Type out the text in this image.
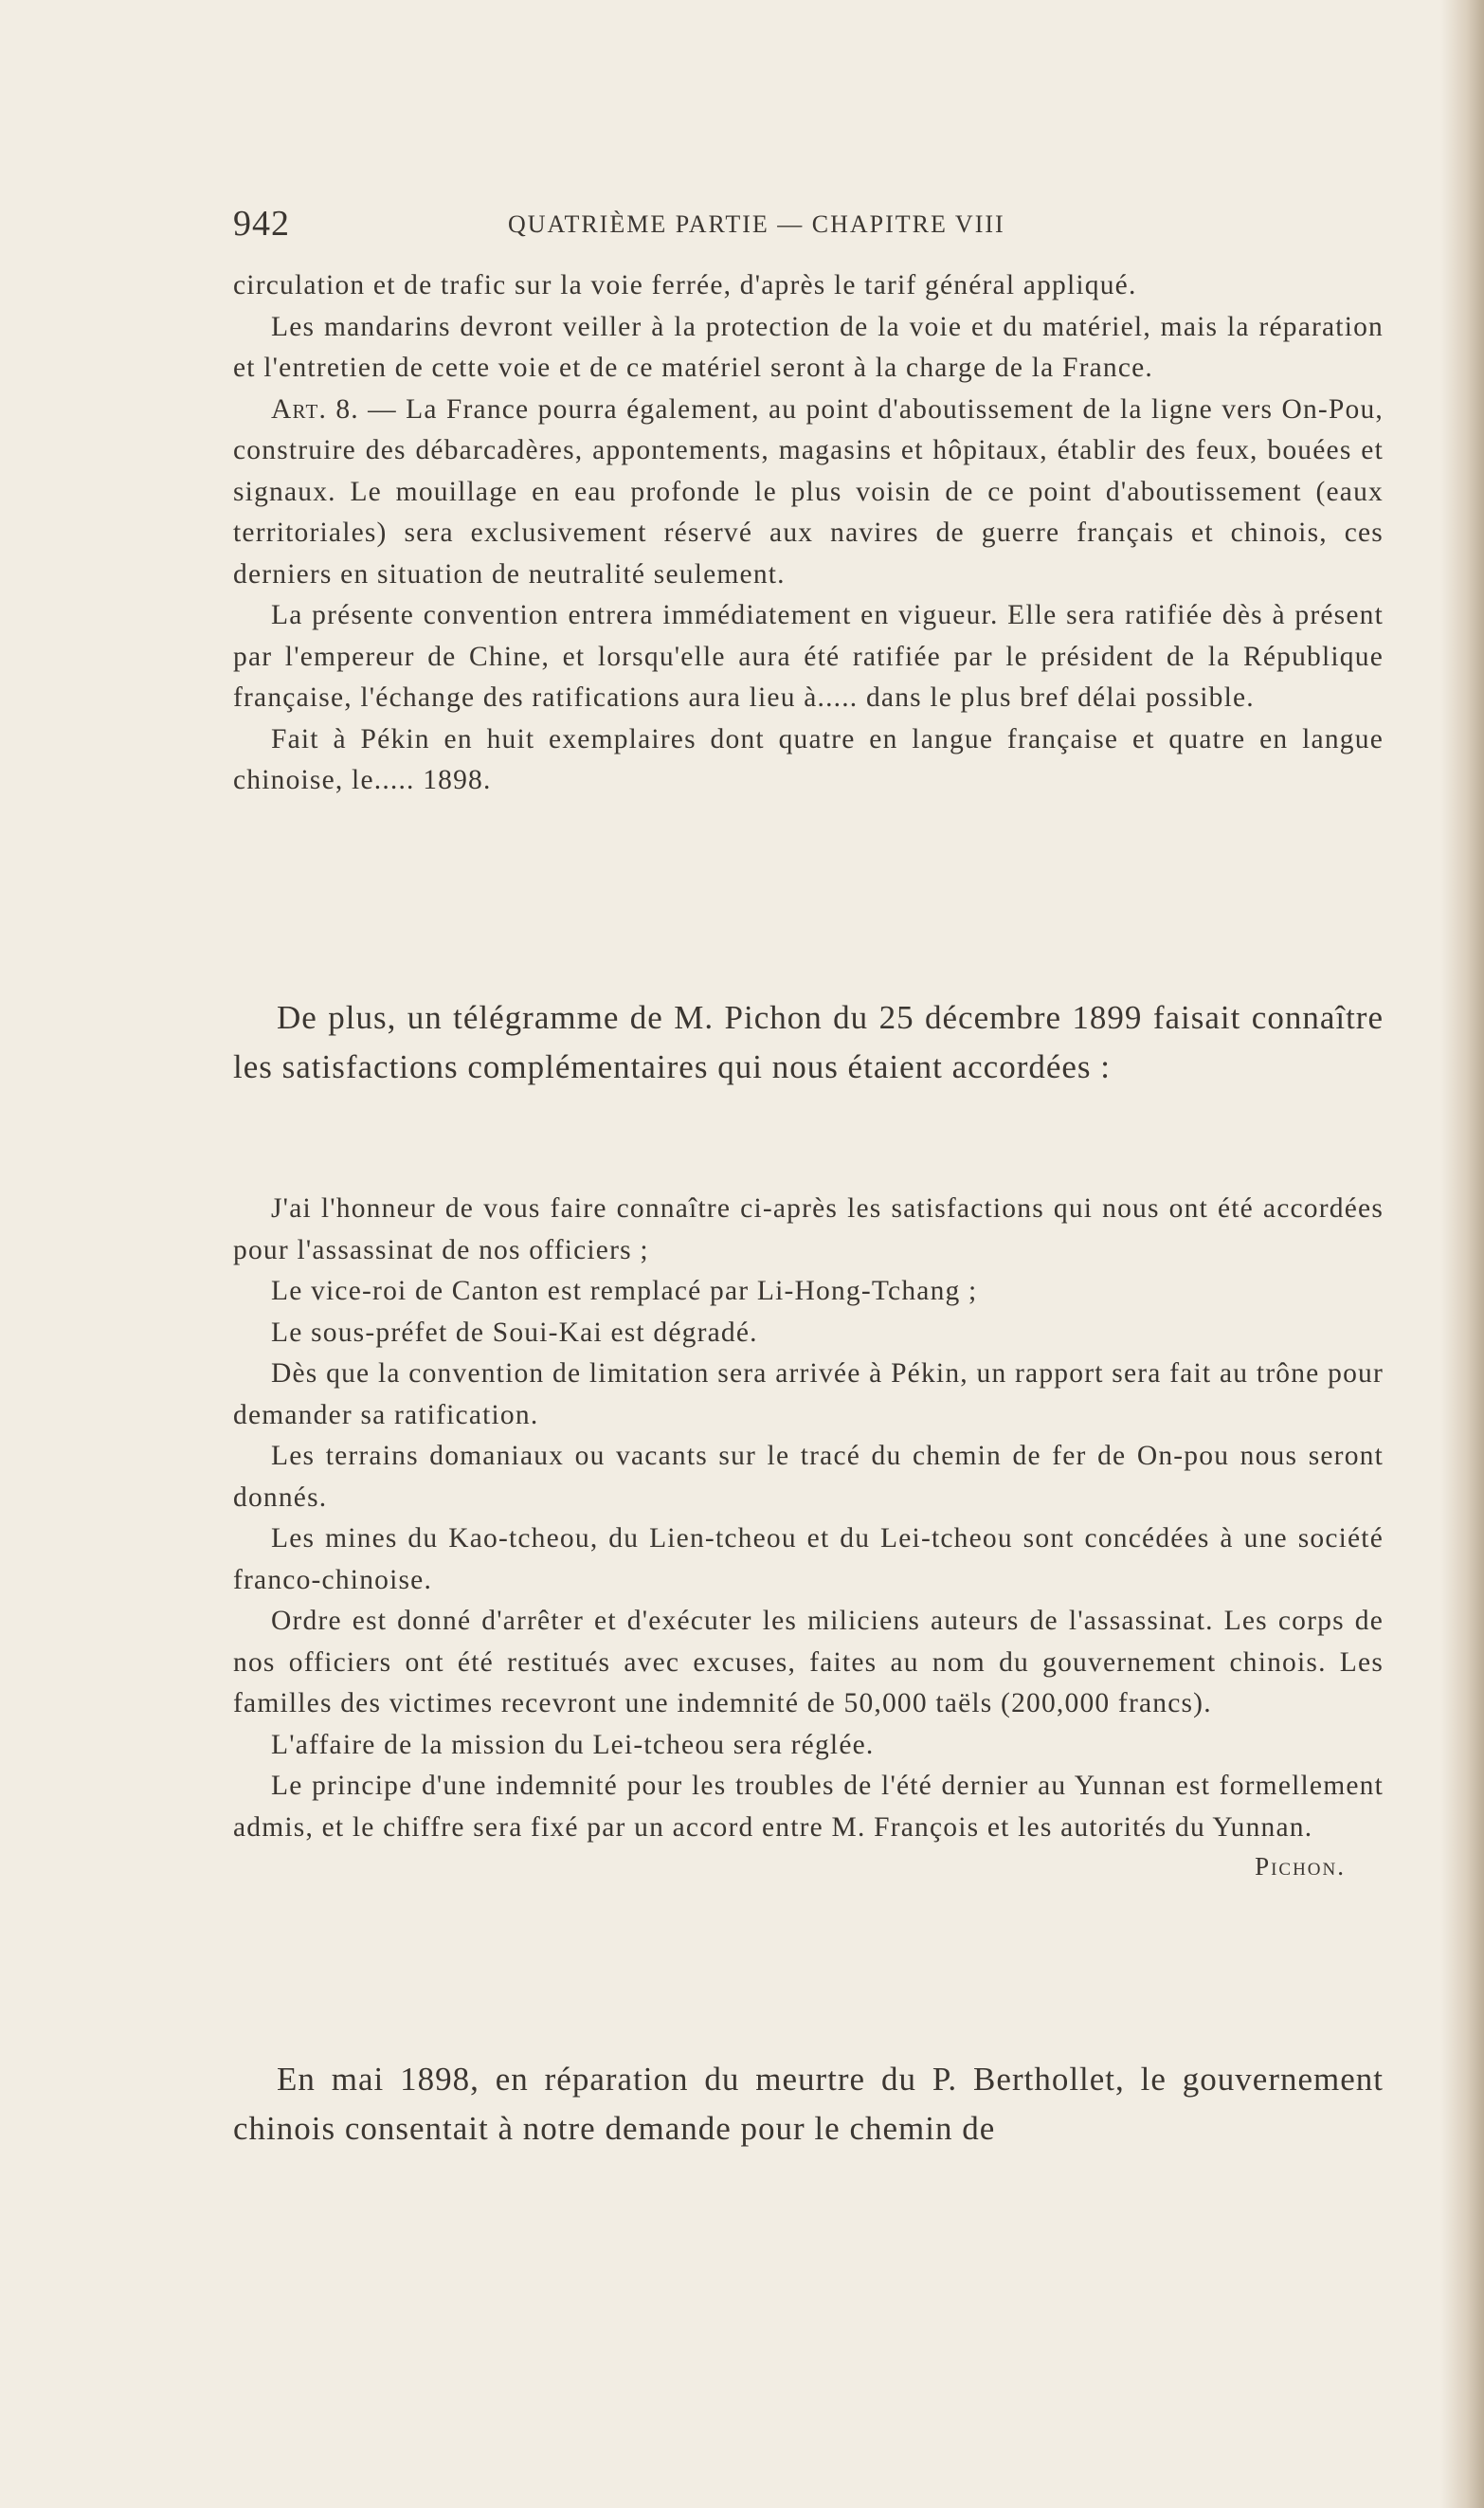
942	QUATRIÈME PARTIE — CHAPITRE VIII

circulation et de trafic sur la voie ferrée, d'après le tarif général appliqué.

Les mandarins devront veiller à la protection de la voie et du matériel, mais la réparation et l'entretien de cette voie et de ce matériel seront à la charge de la France.

Art. 8. — La France pourra également, au point d'aboutissement de la ligne vers On-Pou, construire des débarcadères, appontements, magasins et hôpitaux, établir des feux, bouées et signaux. Le mouillage en eau profonde le plus voisin de ce point d'aboutissement (eaux territoriales) sera exclusivement réservé aux navires de guerre français et chinois, ces derniers en situation de neutralité seulement.

La présente convention entrera immédiatement en vigueur. Elle sera ratifiée dès à présent par l'empereur de Chine, et lorsqu'elle aura été ratifiée par le président de la République française, l'échange des ratifications aura lieu à..... dans le plus bref délai possible.

Fait à Pékin en huit exemplaires dont quatre en langue française et quatre en langue chinoise, le..... 1898.

De plus, un télégramme de M. Pichon du 25 décembre 1899 faisait connaître les satisfactions complémentaires qui nous étaient accordées :

J'ai l'honneur de vous faire connaître ci-après les satisfactions qui nous ont été accordées pour l'assassinat de nos officiers ;

Le vice-roi de Canton est remplacé par Li-Hong-Tchang ;

Le sous-préfet de Soui-Kai est dégradé.

Dès que la convention de limitation sera arrivée à Pékin, un rapport sera fait au trône pour demander sa ratification.

Les terrains domaniaux ou vacants sur le tracé du chemin de fer de On-pou nous seront donnés.

Les mines du Kao-tcheou, du Lien-tcheou et du Lei-tcheou sont concédées à une société franco-chinoise.

Ordre est donné d'arrêter et d'exécuter les miliciens auteurs de l'assassinat. Les corps de nos officiers ont été restitués avec excuses, faites au nom du gouvernement chinois. Les familles des victimes recevront une indemnité de 50,000 taëls (200,000 francs).

L'affaire de la mission du Lei-tcheou sera réglée.

Le principe d'une indemnité pour les troubles de l'été dernier au Yunnan est formellement admis, et le chiffre sera fixé par un accord entre M. François et les autorités du Yunnan.

Pichon.

En mai 1898, en réparation du meurtre du P. Berthollet, le gouvernement chinois consentait à notre demande pour le chemin de
